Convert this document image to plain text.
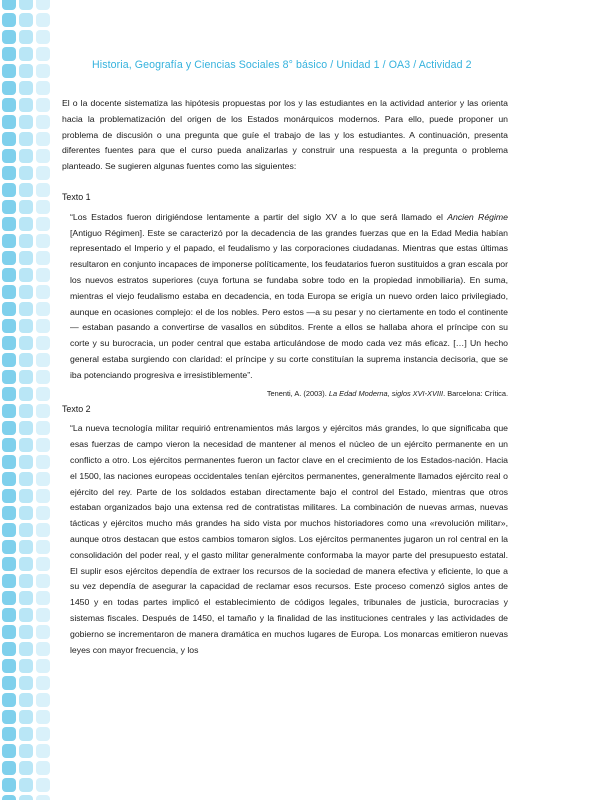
Historia, Geografía y Ciencias Sociales 8° básico / Unidad 1 / OA3 / Actividad 2

El o la docente sistematiza las hipótesis propuestas por los y las estudiantes en la actividad anterior y las orienta hacia la problematización del origen de los Estados monárquicos modernos. Para ello, puede proponer un problema de discusión o una pregunta que guíe el trabajo de las y los estudiantes. A continuación, presenta diferentes fuentes para que el curso pueda analizarlas y construir una respuesta a la pregunta o problema planteado. Se sugieren algunas fuentes como las siguientes:

Texto 1

“Los Estados fueron dirigiéndose lentamente a partir del siglo XV a lo que será llamado el Ancien Régime [Antiguo Régimen]. Este se caracterizó por la decadencia de las grandes fuerzas que en la Edad Media habían representado el Imperio y el papado, el feudalismo y las corporaciones ciudadanas. Mientras que estas últimas resultaron en conjunto incapaces de imponerse políticamente, los feudatarios fueron sustituidos a gran escala por los nuevos estratos superiores (cuya fortuna se fundaba sobre todo en la propiedad inmobiliaria). En suma, mientras el viejo feudalismo estaba en decadencia, en toda Europa se erigía un nuevo orden laico privilegiado, aunque en ocasiones complejo: el de los nobles. Pero estos —a su pesar y no ciertamente en todo el continente— estaban pasando a convertirse de vasallos en súbditos. Frente a ellos se hallaba ahora el príncipe con su corte y su burocracia, un poder central que estaba articulándose de modo cada vez más eficaz. […] Un hecho general estaba surgiendo con claridad: el príncipe y su corte constituían la suprema instancia decisoria, que se iba potenciando progresiva e irresistiblemente”.

Tenenti, A. (2003). La Edad Moderna, siglos XVI-XVIII. Barcelona: Crítica.

Texto 2

“La nueva tecnología militar requirió entrenamientos más largos y ejércitos más grandes, lo que significaba que esas fuerzas de campo vieron la necesidad de mantener al menos el núcleo de un ejército permanente en un conflicto a otro. Los ejércitos permanentes fueron un factor clave en el crecimiento de los Estados-nación. Hacia el 1500, las naciones europeas occidentales tenían ejércitos permanentes, generalmente llamados ejército real o ejército del rey. Parte de los soldados estaban directamente bajo el control del Estado, mientras que otros estaban organizados bajo una extensa red de contratistas militares. La combinación de nuevas armas, nuevas tácticas y ejércitos mucho más grandes ha sido vista por muchos historiadores como una «revolución militar», aunque otros destacan que estos cambios tomaron siglos. Los ejércitos permanentes jugaron un rol central en la consolidación del poder real, y el gasto militar generalmente conformaba la mayor parte del presupuesto estatal. El suplir esos ejércitos dependía de extraer los recursos de la sociedad de manera efectiva y eficiente, lo que a su vez dependía de asegurar la capacidad de reclamar esos recursos. Este proceso comenzó siglos antes de 1450 y en todas partes implicó el establecimiento de códigos legales, tribunales de justicia, burocracias y sistemas fiscales. Después de 1450, el tamaño y la finalidad de las instituciones centrales y las actividades de gobierno se incrementaron de manera dramática en muchos lugares de Europa. Los monarcas emitieron nuevas leyes con mayor frecuencia, y los
